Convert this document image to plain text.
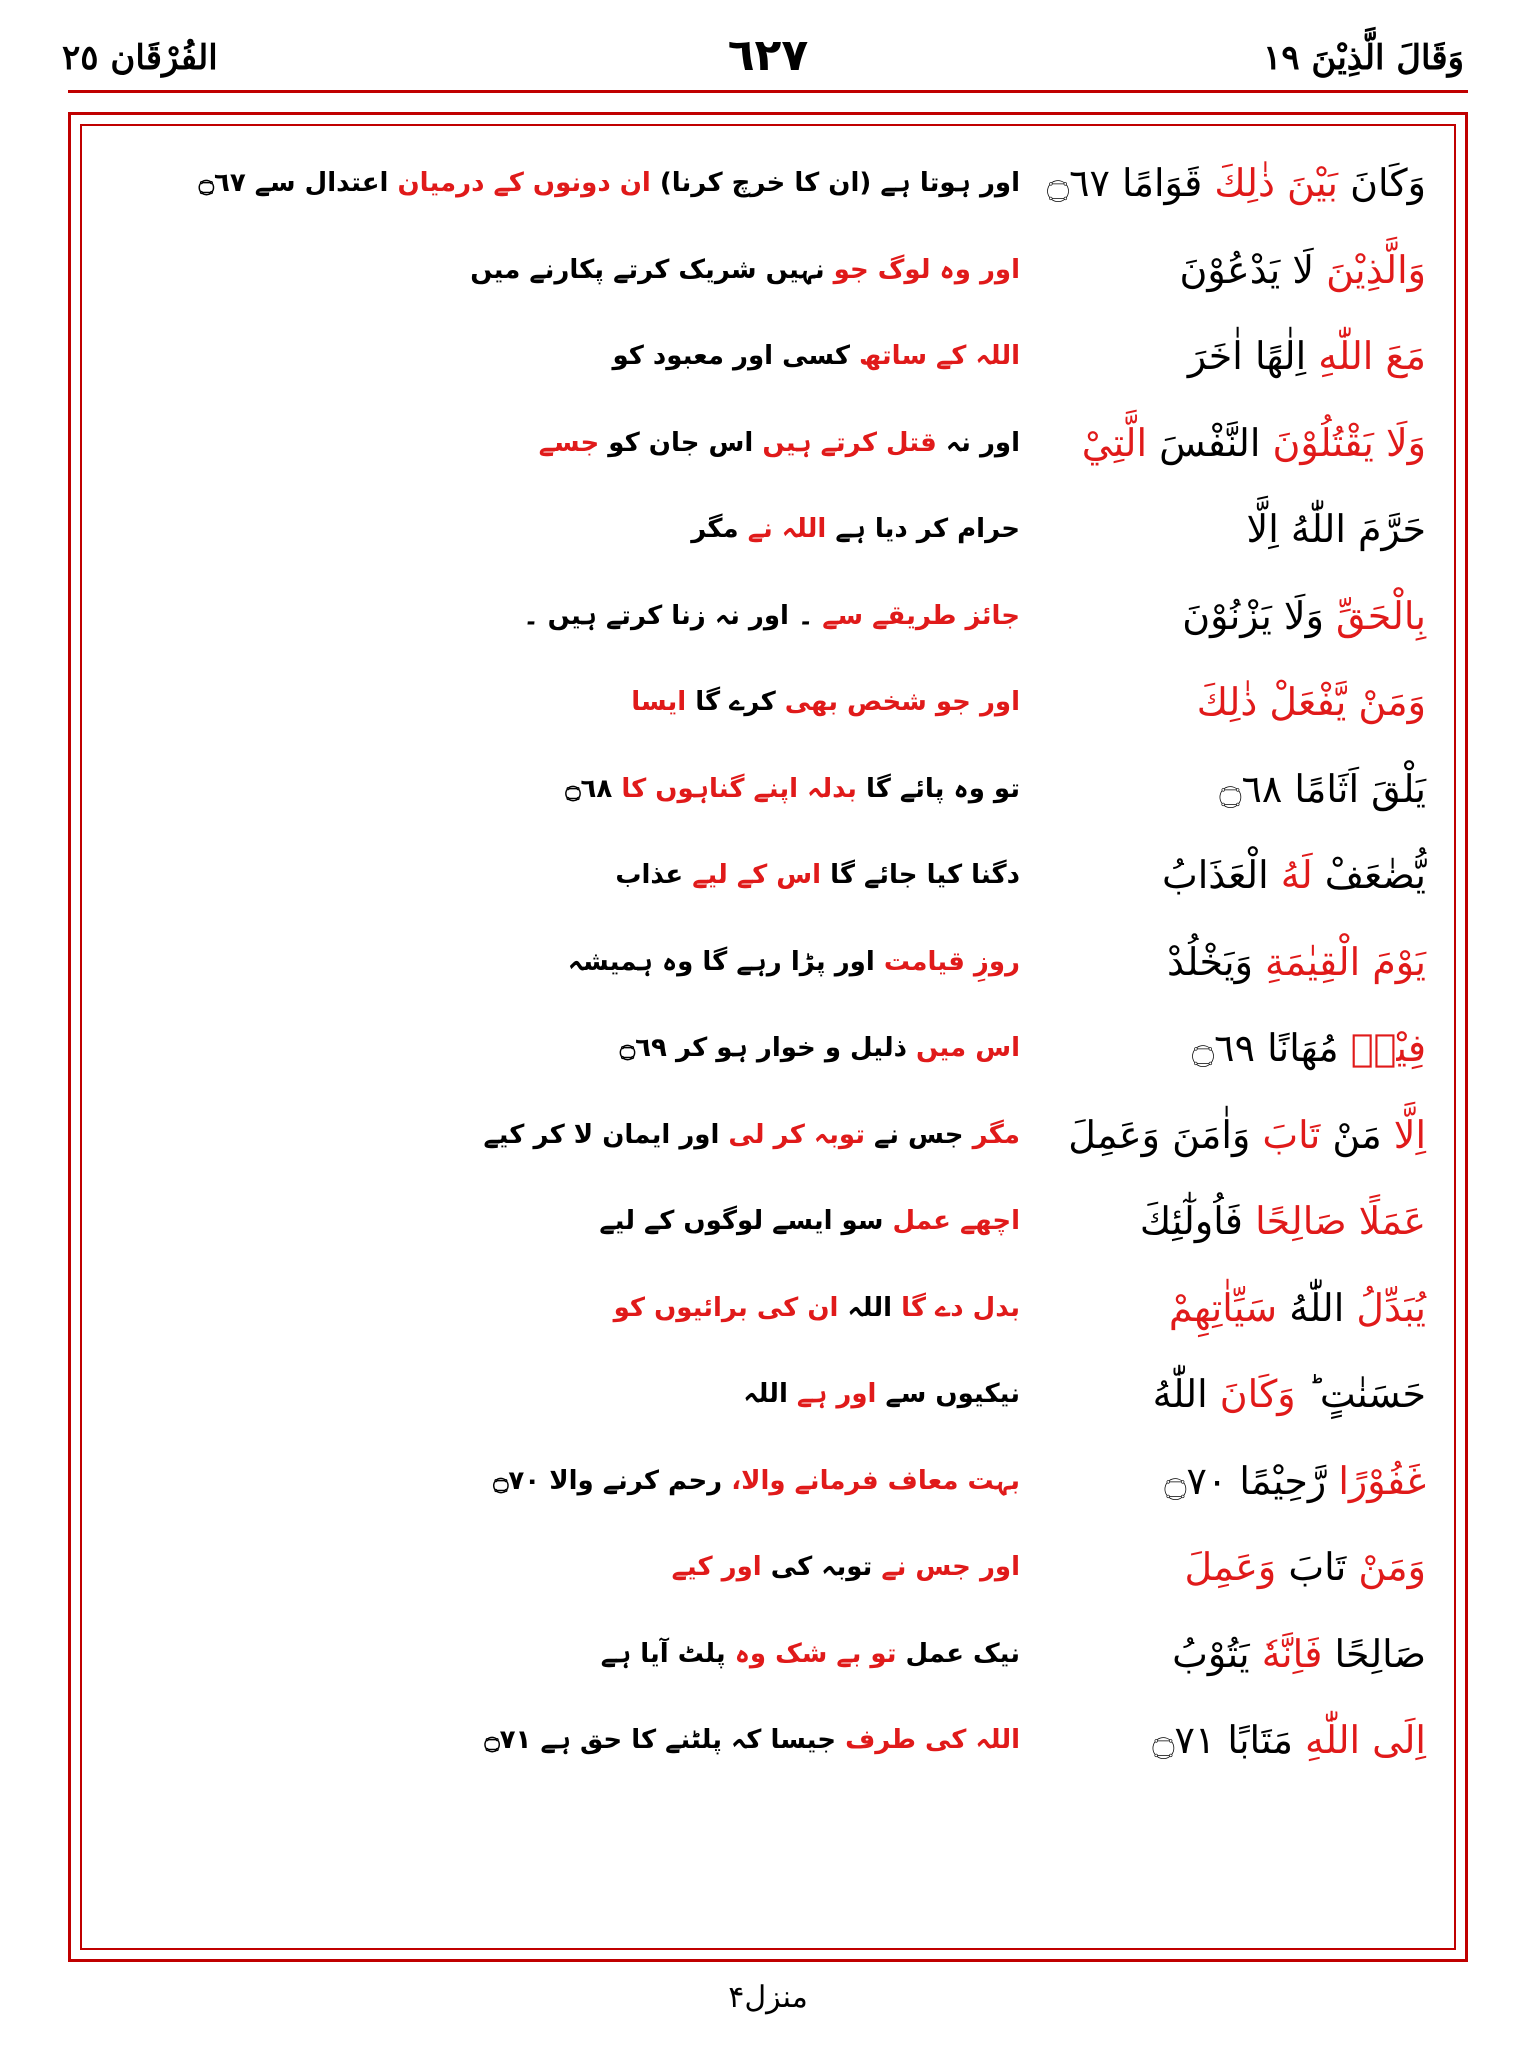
وَقَالَ الَّذِيْنَ ١٩
٦٢٧
الفُرْقَان ٢٥
وَكَانَ بَيْنَ ذٰلِكَ قَوَامًا ۝٦٧
اور ہوتا ہے (ان کا خرچ کرنا) ان دونوں کے درمیان اعتدال سے ۝٦٧
وَالَّذِيْنَ لَا يَدْعُوْنَ
اور وہ لوگ جو نہیں شریک کرتے پکارنے میں
مَعَ اللّٰهِ اِلٰهًا اٰخَرَ
اللہ کے ساتھ کسی اور معبود کو
وَلَا يَقْتُلُوْنَ النَّفْسَ الَّتِيْ
اور نہ قتل کرتے ہیں اس جان کو جسے
حَرَّمَ اللّٰهُ اِلَّا
حرام کر دیا ہے اللہ نے مگر
بِالْحَقِّ وَلَا يَزْنُوْنَ
جائز طریقے سے ۔ اور نہ زنا کرتے ہیں ۔
وَمَنْ يَّفْعَلْ ذٰلِكَ
اور جو شخص بھی کرے گا ایسا
يَلْقَ اَثَامًا ۝٦٨
تو وہ پائے گا بدلہ اپنے گناہوں کا ۝٦٨
يُّضٰعَفْ لَهُ الْعَذَابُ
دگنا کیا جائے گا اس کے لیے عذاب
يَوْمَ الْقِيٰمَةِ وَيَخْلُدْ
روزِ قیامت اور پڑا رہے گا وہ ہمیشہ
فِيْهٖ مُهَانًا ۝٦٩
اس میں ذلیل و خوار ہو کر ۝٦٩
اِلَّا مَنْ تَابَ وَاٰمَنَ وَعَمِلَ
مگر جس نے توبہ کر لی اور ایمان لا کر کیے
عَمَلًا صَالِحًا فَاُولٰٓئِكَ
اچھے عمل سو ایسے لوگوں کے لیے
يُبَدِّلُ اللّٰهُ سَيِّاٰتِهِمْ
بدل دے گا اللہ ان کی برائیوں کو
حَسَنٰتٍ ؕ وَكَانَ اللّٰهُ
نیکیوں سے اور ہے اللہ
غَفُوْرًا رَّحِيْمًا ۝٧٠
بہت معاف فرمانے والا، رحم کرنے والا ۝٧٠
وَمَنْ تَابَ وَعَمِلَ
اور جس نے توبہ کی اور کیے
صَالِحًا فَاِنَّهٗ يَتُوْبُ
نیک عمل تو بے شک وہ پلٹ آیا ہے
اِلَى اللّٰهِ مَتَابًا ۝٧١
اللہ کی طرف جیسا کہ پلٹنے کا حق ہے ۝٧١
منزل۴
